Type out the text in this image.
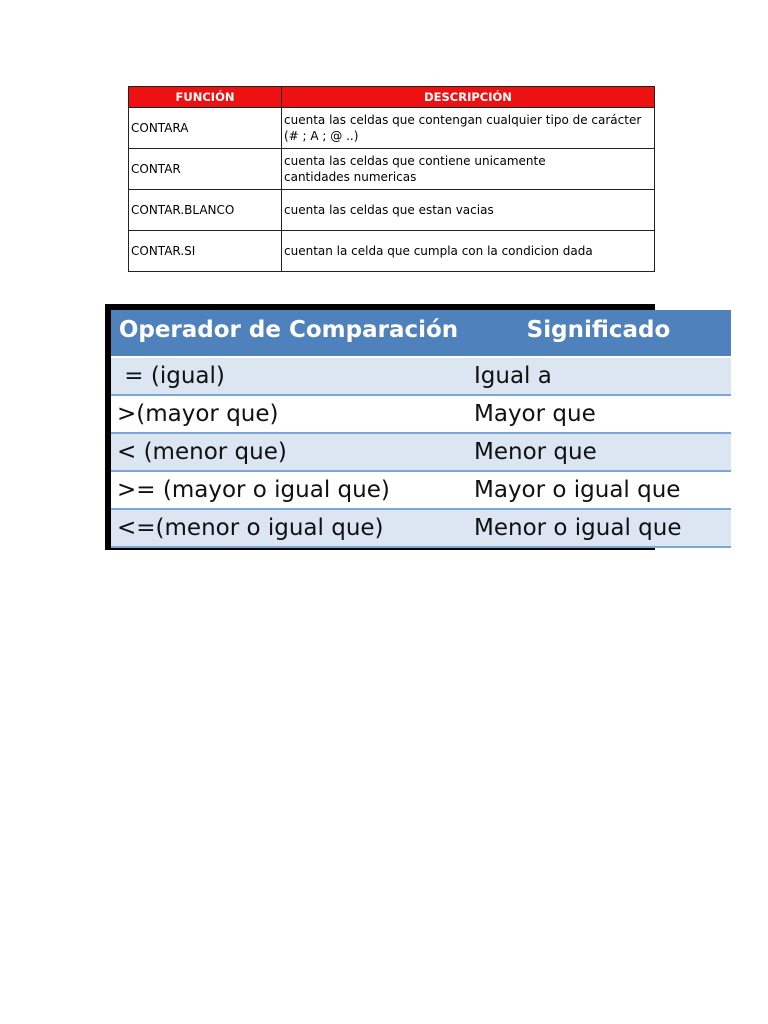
FUNCIÓN	DESCRIPCIÓN
CONTARA	cuenta las celdas que contengan cualquier tipo de carácter (# ; A ; @ ..)
CONTAR	cuenta las celdas que contiene unicamente
cantidades numericas
CONTAR.BLANCO	cuenta las celdas que estan vacias
CONTAR.SI	cuentan la celda que cumpla con la condicion dada
Operador de Comparación	Significado
= (igual)	Igual a
>(mayor que)	Mayor que
< (menor que)	Menor que
>= (mayor o igual que)	Mayor o igual que
<=(menor o igual que)	Menor o igual que
